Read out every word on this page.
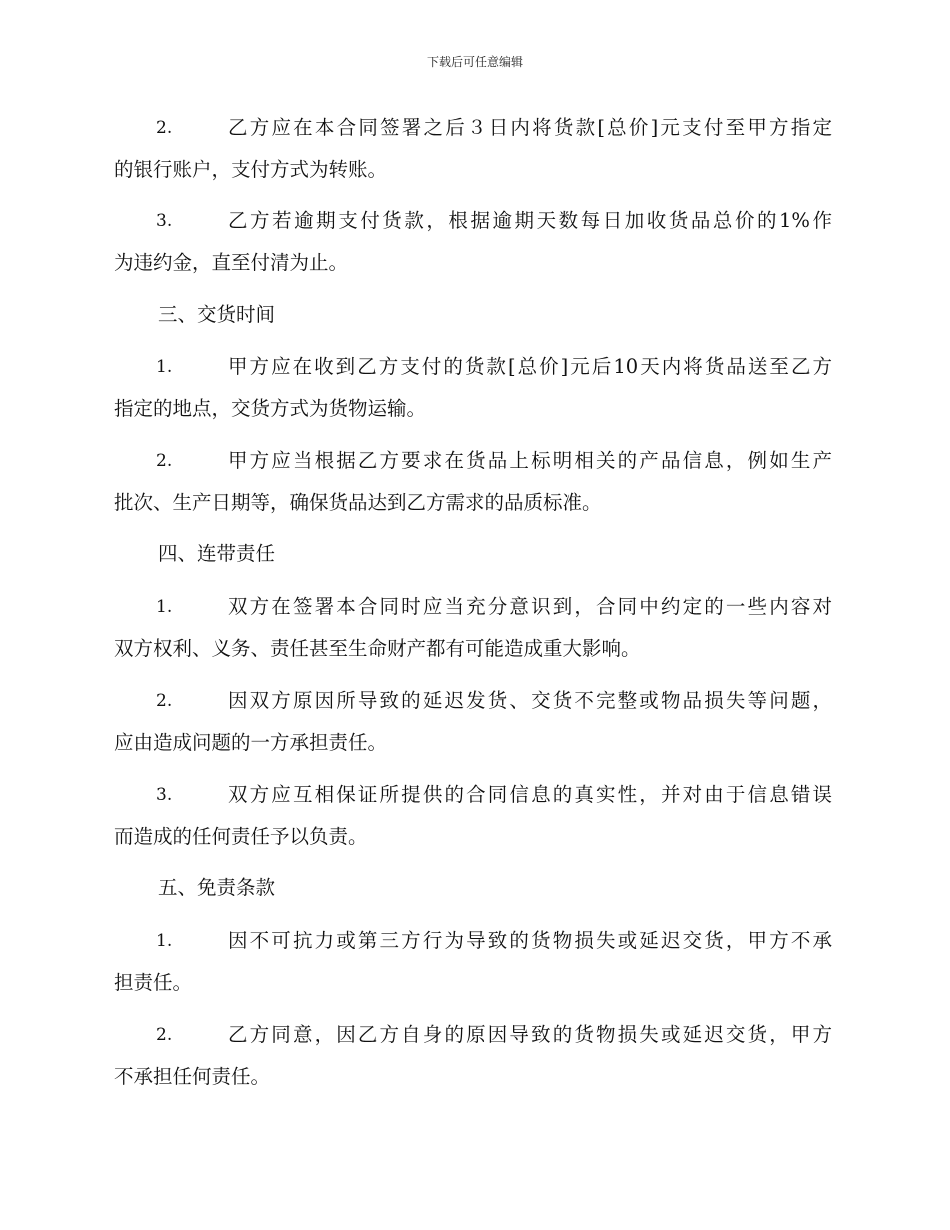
下载后可任意编辑
2.	乙方应在本合同签署之后３日内将货款[总价]元支付至甲方指定
的银行账户，支付方式为转账。
3.	乙方若逾期支付货款，根据逾期天数每日加收货品总价的1%作
为违约金，直至付清为止。
三、交货时间
1.	甲方应在收到乙方支付的货款[总价]元后10天内将货品送至乙方
指定的地点，交货方式为货物运输。
2.	甲方应当根据乙方要求在货品上标明相关的产品信息，例如生产
批次、生产日期等，确保货品达到乙方需求的品质标准。
四、连带责任
1.	双方在签署本合同时应当充分意识到，合同中约定的一些内容对
双方权利、义务、责任甚至生命财产都有可能造成重大影响。
2.	因双方原因所导致的延迟发货、交货不完整或物品损失等问题，
应由造成问题的一方承担责任。
3.	双方应互相保证所提供的合同信息的真实性，并对由于信息错误
而造成的任何责任予以负责。
五、免责条款
1.	因不可抗力或第三方行为导致的货物损失或延迟交货，甲方不承
担责任。
2.	乙方同意，因乙方自身的原因导致的货物损失或延迟交货，甲方
不承担任何责任。
